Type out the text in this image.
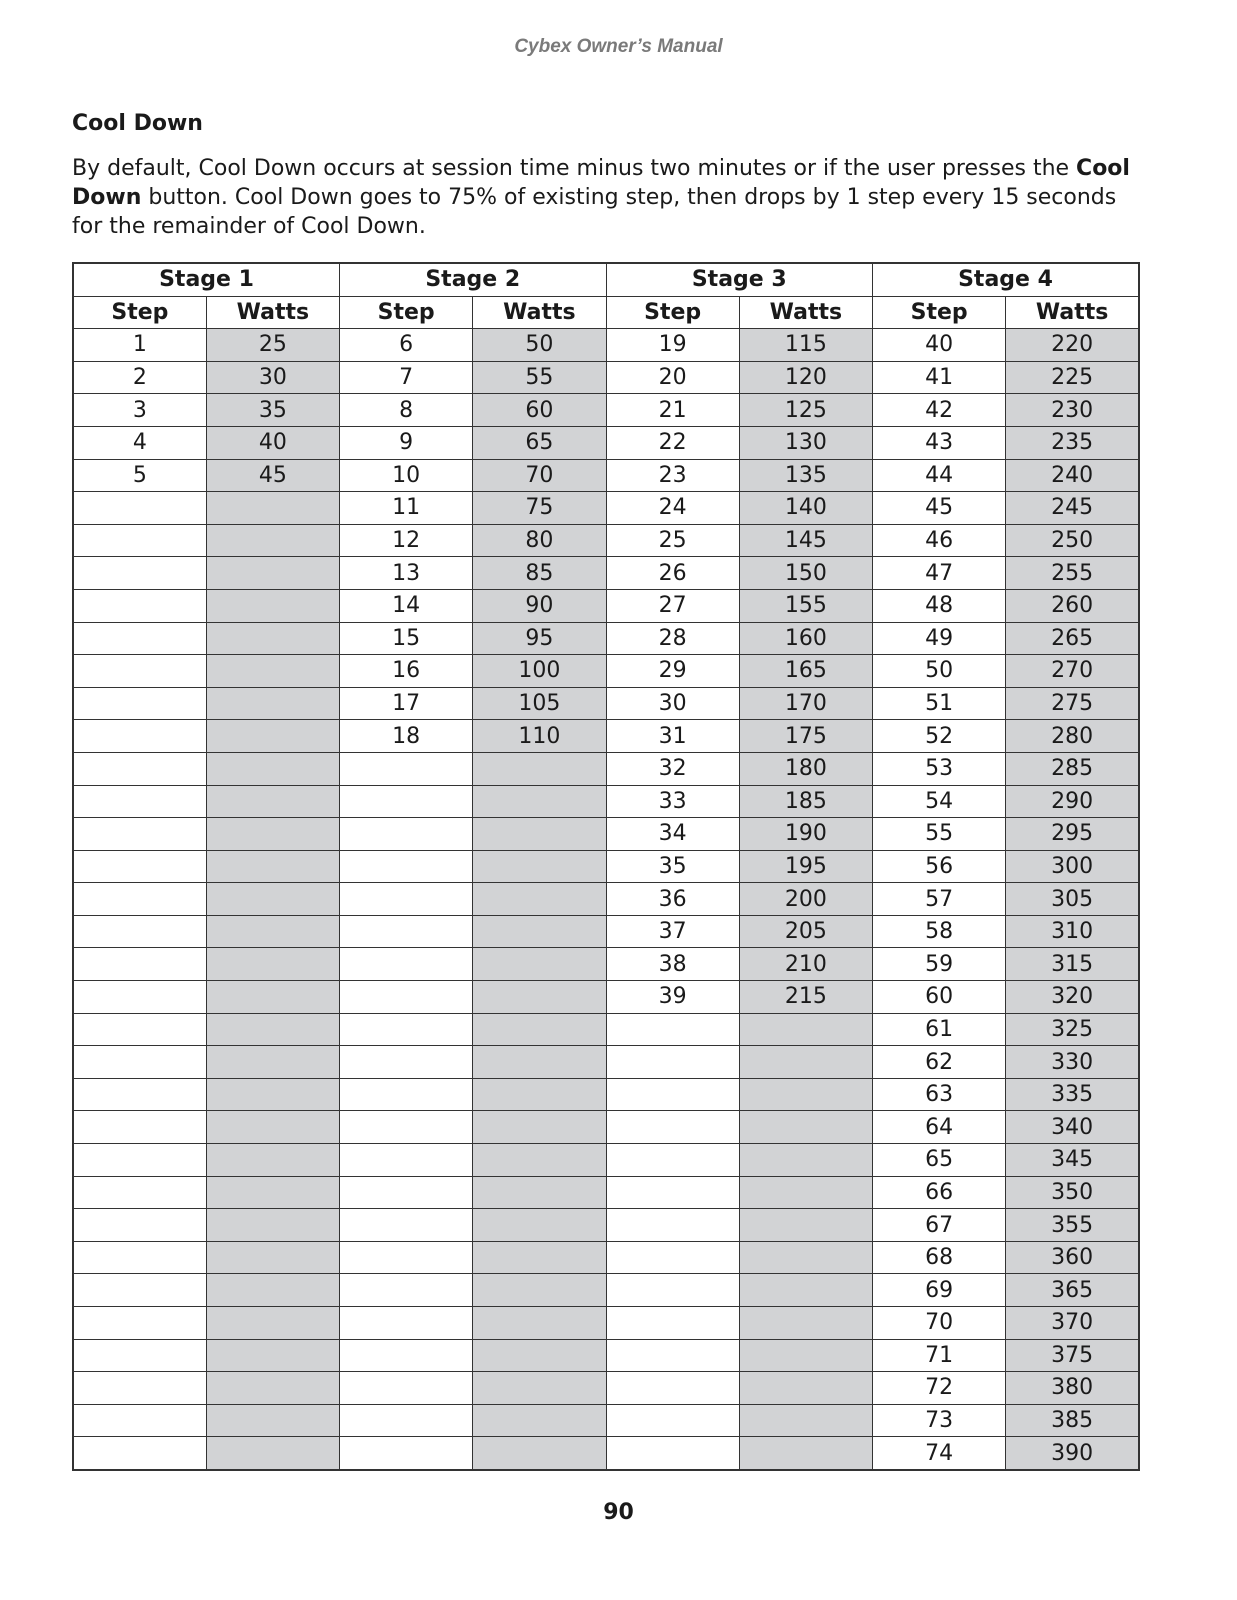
Cybex Owner’s Manual
Cool Down
By default, Cool Down occurs at session time minus two minutes or if the user presses the Cool Down button. Cool Down goes to 75% of existing step, then drops by 1 step every 15 seconds for the remainder of Cool Down.
Stage 1		Stage 2		Stage 3		Stage 4	
Step	Watts	Step	Watts	Step	Watts	Step	Watts
1	25	6	50	19	115	40	220
2	30	7	55	20	120	41	225
3	35	8	60	21	125	42	230
4	40	9	65	22	130	43	235
5	45	10	70	23	135	44	240
		11	75	24	140	45	245
		12	80	25	145	46	250
		13	85	26	150	47	255
		14	90	27	155	48	260
		15	95	28	160	49	265
		16	100	29	165	50	270
		17	105	30	170	51	275
		18	110	31	175	52	280
				32	180	53	285
				33	185	54	290
				34	190	55	295
				35	195	56	300
				36	200	57	305
				37	205	58	310
				38	210	59	315
				39	215	60	320
						61	325
						62	330
						63	335
						64	340
						65	345
						66	350
						67	355
						68	360
						69	365
						70	370
						71	375
						72	380
						73	385
						74	390
90
